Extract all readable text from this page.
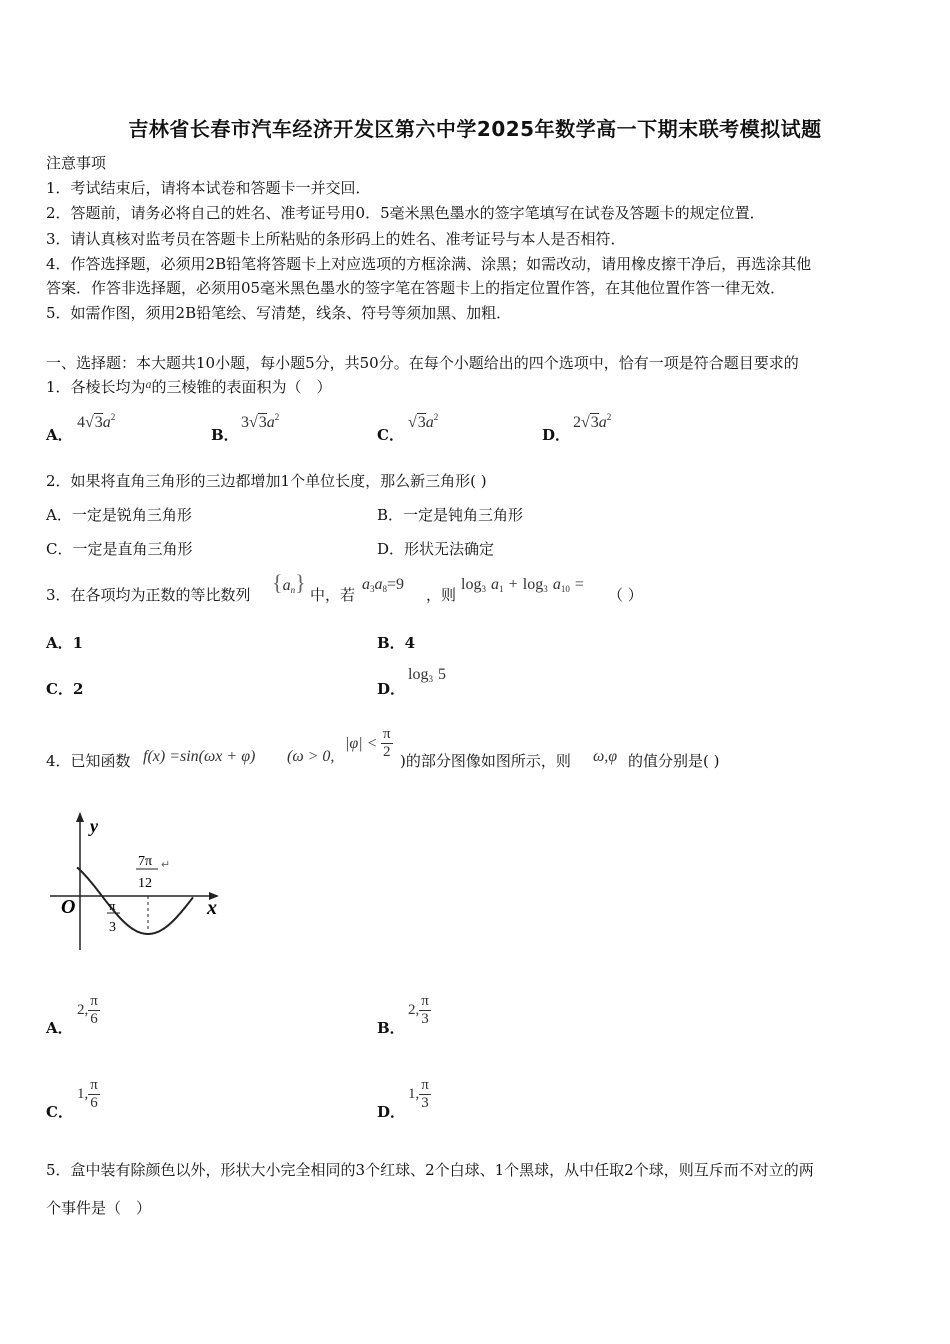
吉林省长春市汽车经济开发区第六中学2025年数学高一下期末联考模拟试题
注意事项
1．考试结束后，请将本试卷和答题卡一并交回．
2．答题前，请务必将自己的姓名、准考证号用0．5毫米黑色墨水的签字笔填写在试卷及答题卡的规定位置．
3．请认真核对监考员在答题卡上所粘贴的条形码上的姓名、准考证号与本人是否相符．
4．作答选择题，必须用2B铅笔将答题卡上对应选项的方框涂满、涂黑；如需改动，请用橡皮擦干净后，再选涂其他
答案．作答非选择题，必须用05毫米黑色墨水的签字笔在答题卡上的指定位置作答，在其他位置作答一律无效．
5．如需作图，须用2B铅笔绘、写清楚，线条、符号等须加黑、加粗．
一、选择题：本大题共10小题，每小题5分，共50分。在每个小题给出的四个选项中，恰有一项是符合题目要求的
1．各棱长均为$^a$的三棱锥的表面积为（　）
A．
$4√3a^2$
B．
$3√3a^2$
C．
$√3a^2$
D．
$2√3a^2$
2．如果将直角三角形的三边都增加1个单位长度，那么新三角形( )
A．一定是锐角三角形	B．一定是钝角三角形
C．一定是直角三角形	D．形状无法确定
3．在各项均为正数的等比数列 $\{a_n\}$ 中，若
$a_3a_8=9$
，则
$\log_3 a_1 + \log_3 a_{10}$ =
（ ）
A．1	B．4
C．2	D．
$\log_3 5$
4．已知函数 f(x) =sin(ωx + φ) (ω > 0,
$|\varphi| < \frac{\pi}{2}$ )的部分图像如图所示，则 ω,φ 的值分别是( )
y
x
O	π
3
7π
12
↵
A．
2, $\frac{\pi}{6}$	B．
2, $\frac{\pi}{3}$
C．
1, $\frac{\pi}{6}$	D．
1, $\frac{\pi}{3}$
5．盒中装有除颜色以外，形状大小完全相同的3个红球、2个白球、1个黑球，从中任取2个球，则互斥而不对立的两
个事件是（　）
